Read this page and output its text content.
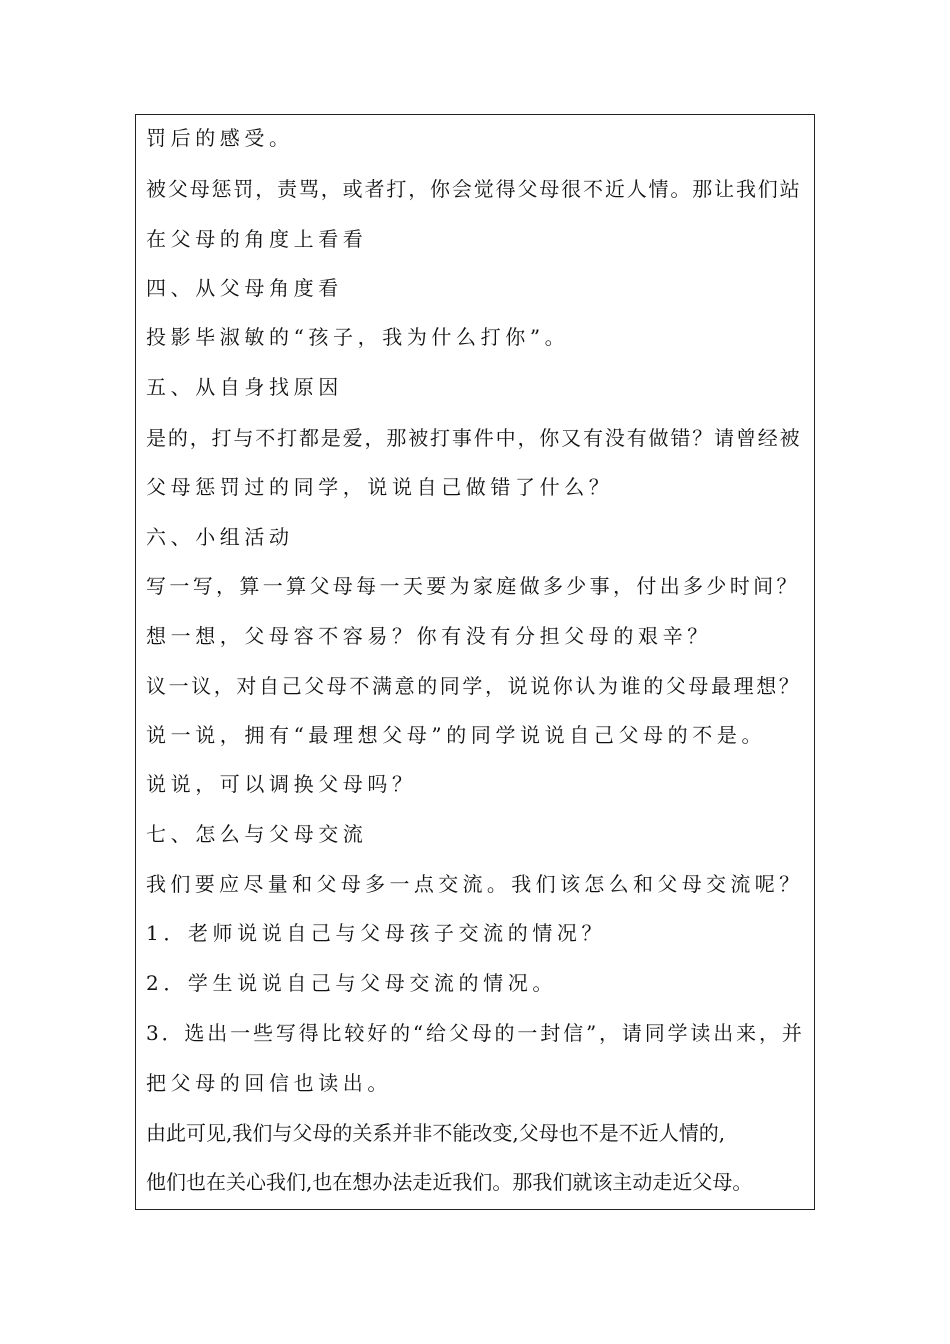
罚后的感受。
被父母惩罚，责骂，或者打，你会觉得父母很不近人情。那让我们站
在父母的角度上看看
四、从父母角度看
投影毕淑敏的“孩子，我为什么打你”。
五、从自身找原因
是的，打与不打都是爱，那被打事件中，你又有没有做错？请曾经被
父母惩罚过的同学，说说自己做错了什么？
六、小组活动
写一写，算一算父母每一天要为家庭做多少事，付出多少时间？
想一想，父母容不容易？你有没有分担父母的艰辛？
议一议，对自己父母不满意的同学，说说你认为谁的父母最理想？
说一说，拥有“最理想父母”的同学说说自己父母的不是。
说说，可以调换父母吗？
七、怎么与父母交流
我们要应尽量和父母多一点交流。我们该怎么和父母交流呢？
1．老师说说自己与父母孩子交流的情况？
2．学生说说自己与父母交流的情况。
3．选出一些写得比较好的“给父母的一封信”，请同学读出来，并
把父母的回信也读出。
由此可见,我们与父母的关系并非不能改变,父母也不是不近人情的,
他们也在关心我们,也在想办法走近我们。那我们就该主动走近父母。
